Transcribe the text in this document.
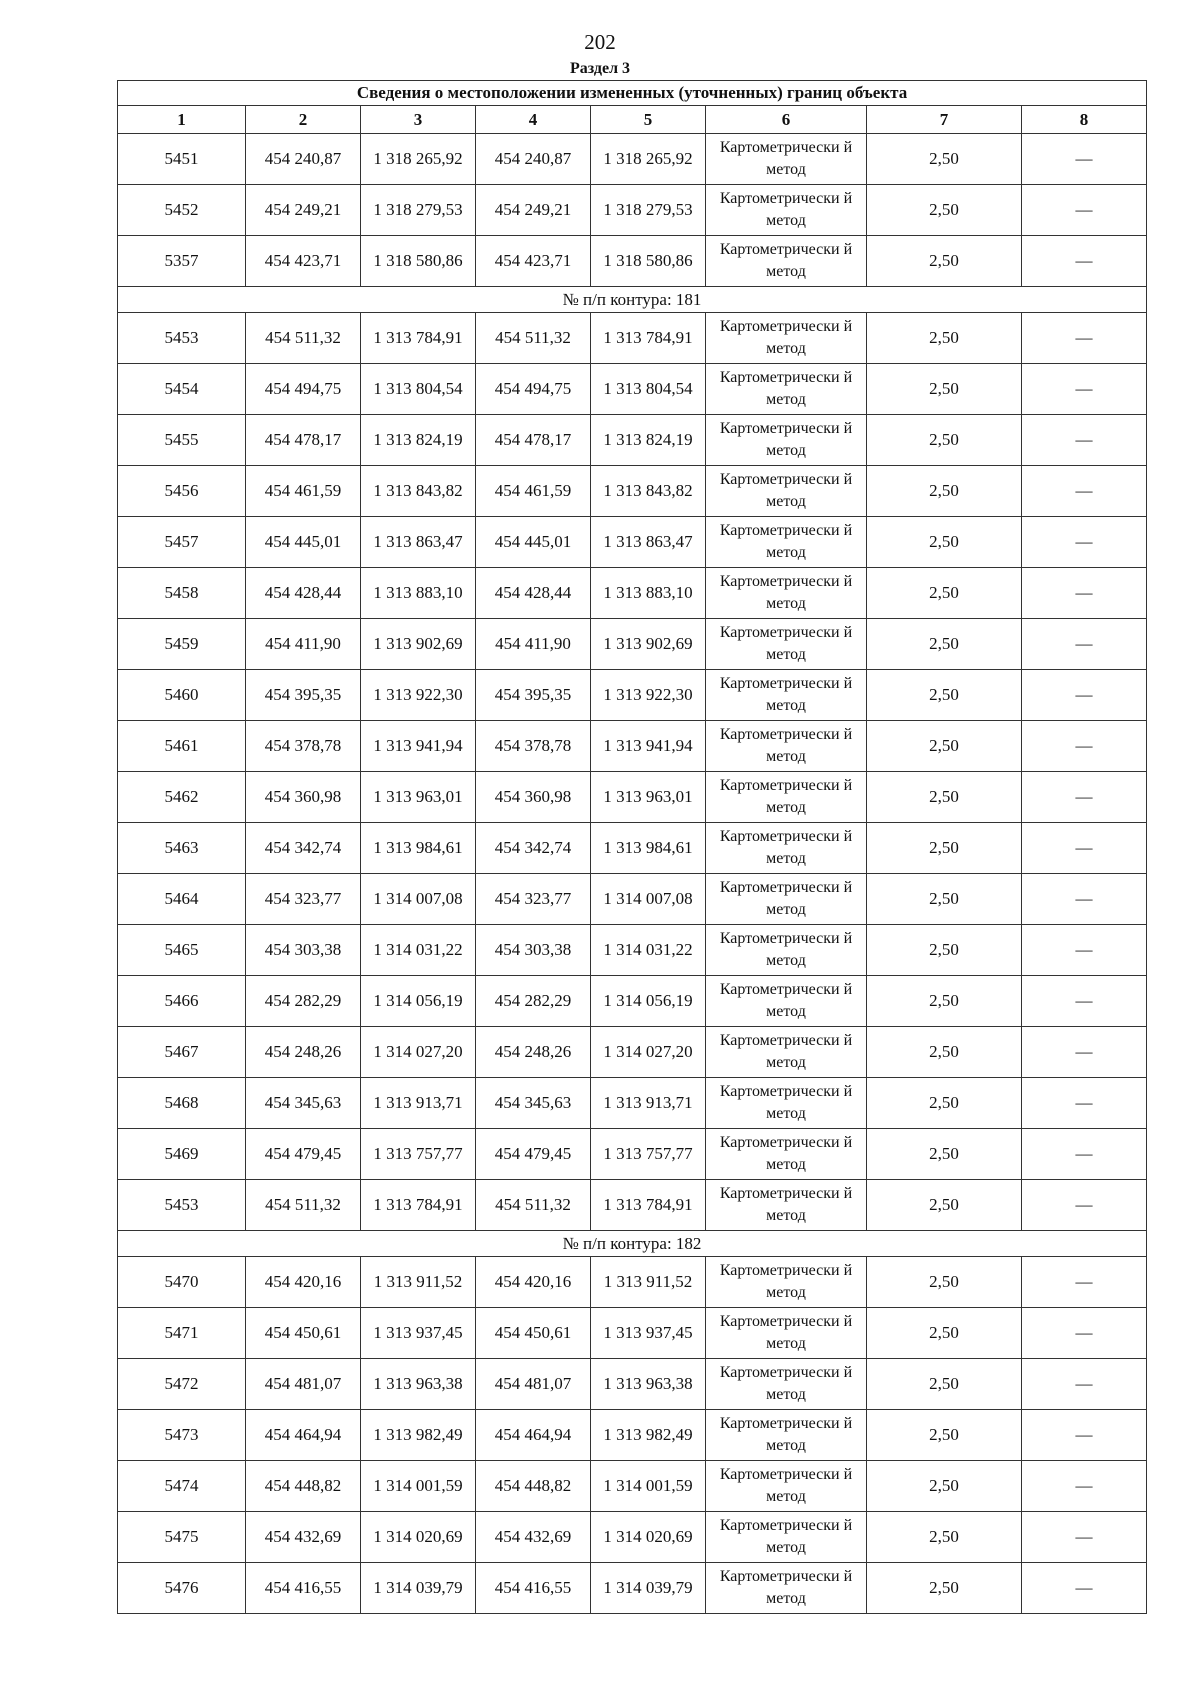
202
Раздел 3
Сведения о местоположении измененных (уточненных) границ объекта							
1	2	3	4	5	6	7	8
5451	454 240,87	1 318 265,92	454 240,87	1 318 265,92	Картометрически й метод	2,50	—
5452	454 249,21	1 318 279,53	454 249,21	1 318 279,53	Картометрически й метод	2,50	—
5357	454 423,71	1 318 580,86	454 423,71	1 318 580,86	Картометрически й метод	2,50	—
№ п/п контура: 181							
5453	454 511,32	1 313 784,91	454 511,32	1 313 784,91	Картометрически й метод	2,50	—
5454	454 494,75	1 313 804,54	454 494,75	1 313 804,54	Картометрически й метод	2,50	—
5455	454 478,17	1 313 824,19	454 478,17	1 313 824,19	Картометрически й метод	2,50	—
5456	454 461,59	1 313 843,82	454 461,59	1 313 843,82	Картометрически й метод	2,50	—
5457	454 445,01	1 313 863,47	454 445,01	1 313 863,47	Картометрически й метод	2,50	—
5458	454 428,44	1 313 883,10	454 428,44	1 313 883,10	Картометрически й метод	2,50	—
5459	454 411,90	1 313 902,69	454 411,90	1 313 902,69	Картометрически й метод	2,50	—
5460	454 395,35	1 313 922,30	454 395,35	1 313 922,30	Картометрически й метод	2,50	—
5461	454 378,78	1 313 941,94	454 378,78	1 313 941,94	Картометрически й метод	2,50	—
5462	454 360,98	1 313 963,01	454 360,98	1 313 963,01	Картометрически й метод	2,50	—
5463	454 342,74	1 313 984,61	454 342,74	1 313 984,61	Картометрически й метод	2,50	—
5464	454 323,77	1 314 007,08	454 323,77	1 314 007,08	Картометрически й метод	2,50	—
5465	454 303,38	1 314 031,22	454 303,38	1 314 031,22	Картометрически й метод	2,50	—
5466	454 282,29	1 314 056,19	454 282,29	1 314 056,19	Картометрически й метод	2,50	—
5467	454 248,26	1 314 027,20	454 248,26	1 314 027,20	Картометрически й метод	2,50	—
5468	454 345,63	1 313 913,71	454 345,63	1 313 913,71	Картометрически й метод	2,50	—
5469	454 479,45	1 313 757,77	454 479,45	1 313 757,77	Картометрически й метод	2,50	—
5453	454 511,32	1 313 784,91	454 511,32	1 313 784,91	Картометрически й метод	2,50	—
№ п/п контура: 182							
5470	454 420,16	1 313 911,52	454 420,16	1 313 911,52	Картометрически й метод	2,50	—
5471	454 450,61	1 313 937,45	454 450,61	1 313 937,45	Картометрически й метод	2,50	—
5472	454 481,07	1 313 963,38	454 481,07	1 313 963,38	Картометрически й метод	2,50	—
5473	454 464,94	1 313 982,49	454 464,94	1 313 982,49	Картометрически й метод	2,50	—
5474	454 448,82	1 314 001,59	454 448,82	1 314 001,59	Картометрически й метод	2,50	—
5475	454 432,69	1 314 020,69	454 432,69	1 314 020,69	Картометрически й метод	2,50	—
5476	454 416,55	1 314 039,79	454 416,55	1 314 039,79	Картометрически й метод	2,50	—
